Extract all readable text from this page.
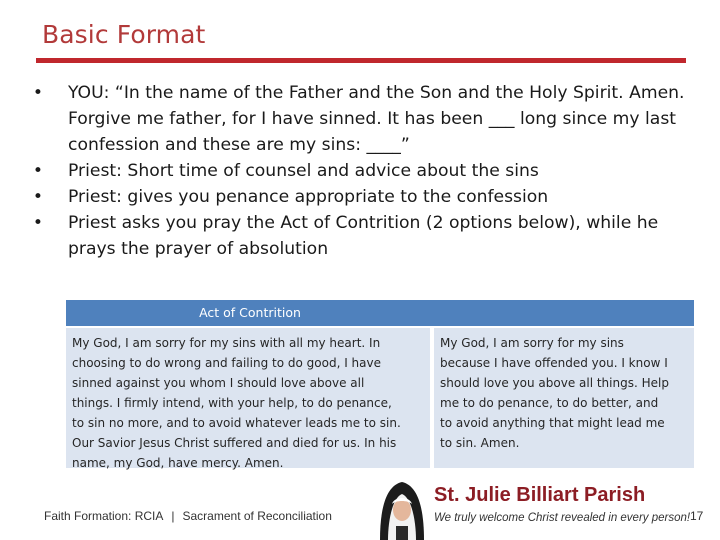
Basic Format
• YOU: “In the name of the Father and the Son and the Holy Spirit. Amen. Forgive me father, for I have sinned. It has been ___ long since my last confession and these are my sins: ____”
• Priest: Short time of counsel and advice about the sins
• Priest: gives you penance appropriate to the confession
• Priest asks you pray the Act of Contrition (2 options below), while he prays the prayer of absolution
Act of Contrition
My God, I am sorry for my sins with all my heart. In
choosing to do wrong and failing to do good, I have
sinned against you whom I should love above all
things. I firmly intend, with your help, to do penance,
to sin no more, and to avoid whatever leads me to sin.
Our Savior Jesus Christ suffered and died for us. In his
name, my God, have mercy. Amen.
My God, I am sorry for my sins
because I have offended you. I know I
should love you above all things. Help
me to do penance, to do better, and
to avoid anything that might lead me
to sin. Amen.
Faith Formation: RCIA | Sacrament of Reconciliation
St. Julie Billiart Parish
We truly welcome Christ revealed in every person! 17
